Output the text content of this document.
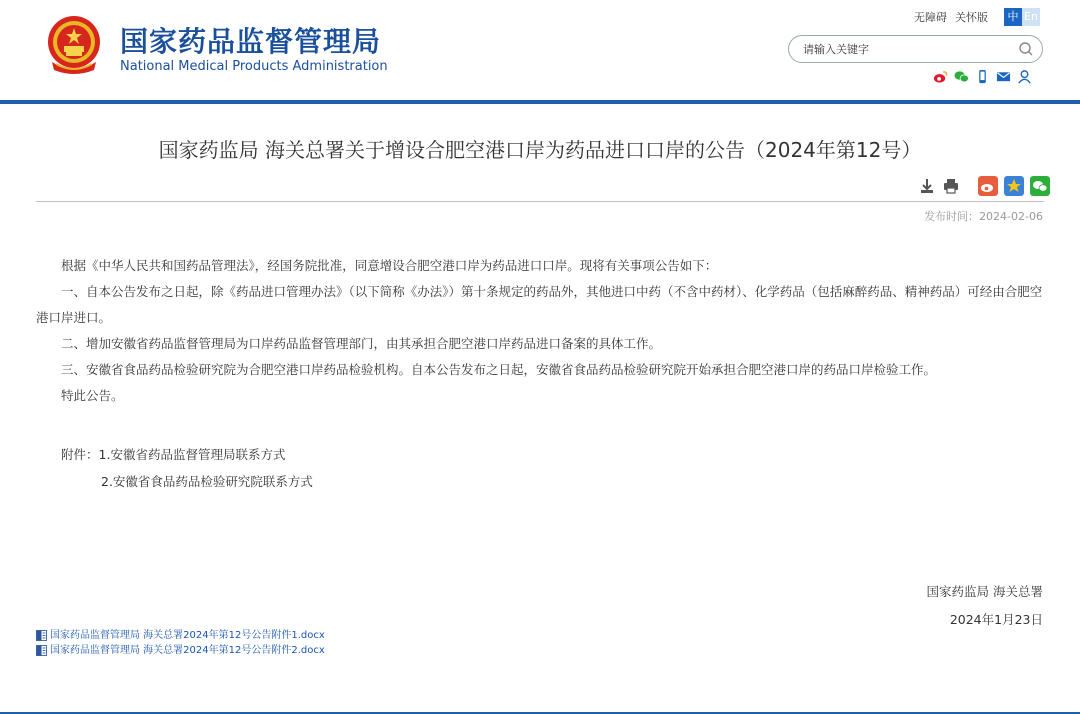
国家药品监督管理局
National Medical Products Administration
无障碍 关怀版	中 En
请输入关键字
国家药监局 海关总署关于增设合肥空港口岸为药品进口口岸的公告（2024年第12号）
发布时间：2024-02-06

根据《中华人民共和国药品管理法》，经国务院批准，同意增设合肥空港口岸为药品进口口岸。现将有关事项公告如下：

一、自本公告发布之日起，除《药品进口管理办法》（以下简称《办法》）第十条规定的药品外，其他进口中药（不含中药材）、化学药品（包括麻醉药品、精神药品）可经由合肥空港口岸进口。

二、增加安徽省药品监督管理局为口岸药品监督管理部门，由其承担合肥空港口岸药品进口备案的具体工作。

三、安徽省食品药品检验研究院为合肥空港口岸药品检验机构。自本公告发布之日起，安徽省食品药品检验研究院开始承担合肥空港口岸的药品口岸检验工作。

特此公告。

附件：1.安徽省药品监督管理局联系方式
2.安徽省食品药品检验研究院联系方式
国家药监局 海关总署
2024年1月23日
国家药品监督管理局 海关总署2024年第12号公告附件1.docx
国家药品监督管理局 海关总署2024年第12号公告附件2.docx
